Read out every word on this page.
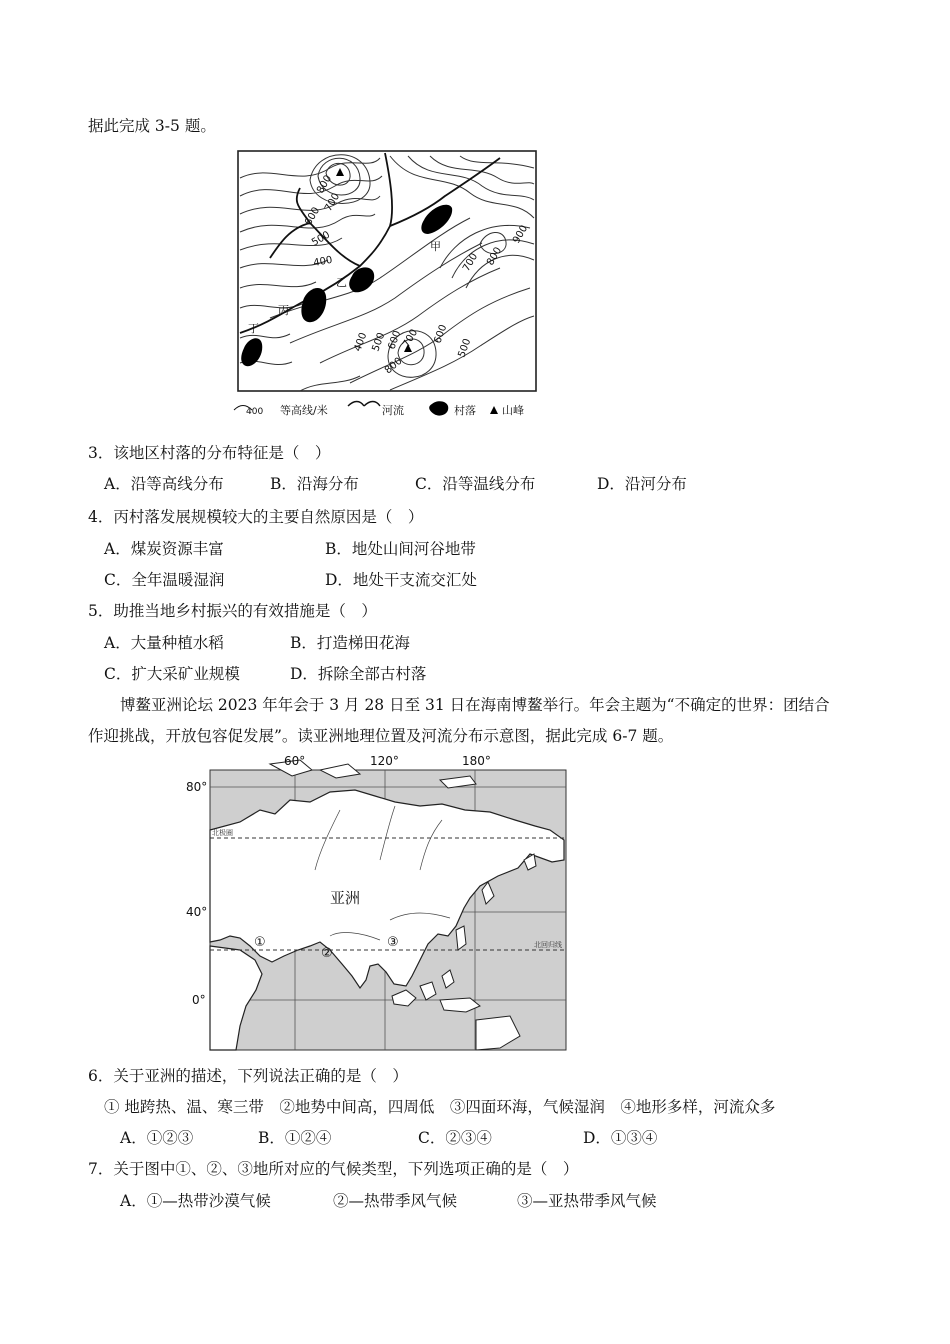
据此完成 3-5 题。
800
700
600
500
400
400 500 600
700
800
700 800
900
600
500
甲
乙
丙
丁
400 等高线/米	河流	村落 山峰
3．该地区村落的分布特征是（　）
A．沿等高线分布	B．沿海分布	C．沿等温线分布	D．沿河分布
4．丙村落发展规模较大的主要自然原因是（　）
A．煤炭资源丰富	B．地处山间河谷地带
C．全年温暖湿润	D．地处干支流交汇处
5．助推当地乡村振兴的有效措施是（　）
A．大量种植水稻	B．打造梯田花海
C．扩大采矿业规模	D．拆除全部古村落
博鳌亚洲论坛 2023 年年会于 3 月 28 日至 31 日在海南博鳌举行。年会主题为“不确定的世界：团结合
作迎挑战，开放包容促发展”。读亚洲地理位置及河流分布示意图，据此完成 6-7 题。
60°	120°	180°
80°
40°
0°
北极圈
北回归线
亚洲
①
②
③
6．关于亚洲的描述，下列说法正确的是（　）
① 地跨热、温、寒三带　②地势中间高，四周低　③四面环海，气候湿润　④地形多样，河流众多
A．①②③	B．①②④	C．②③④	D．①③④
7．关于图中①、②、③地所对应的气候类型，下列选项正确的是（　）
A．①—热带沙漠气候	②—热带季风气候	③—亚热带季风气候
